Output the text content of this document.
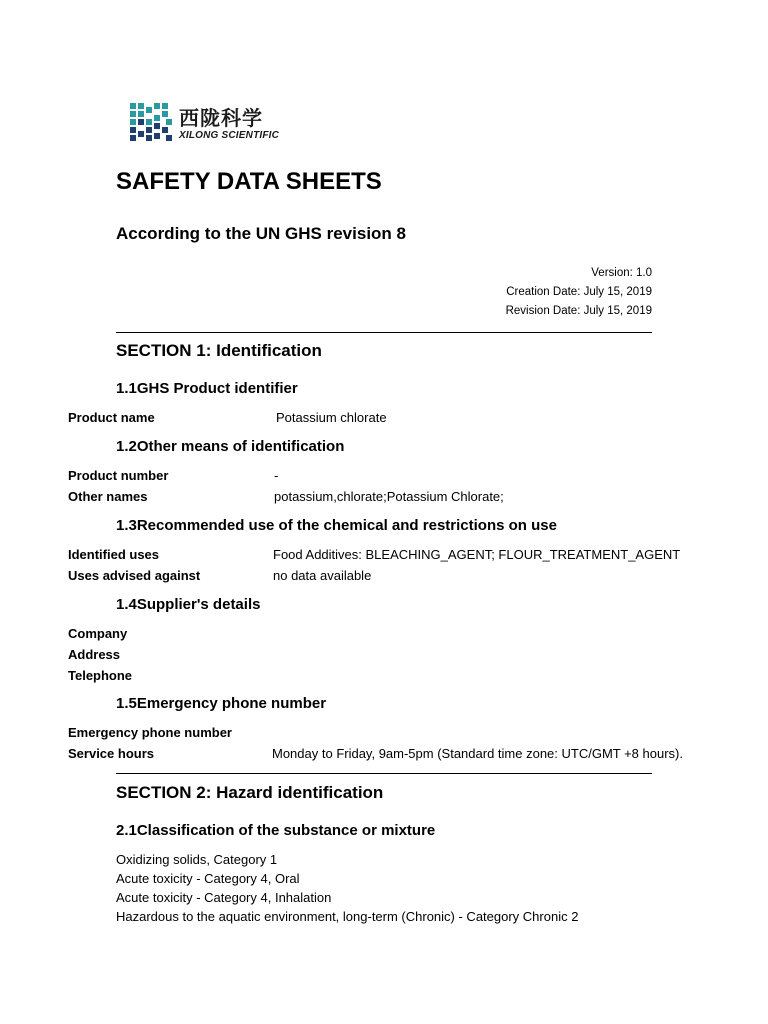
西陇科学
XILONG SCIENTIFIC
SAFETY DATA SHEETS
According to the UN GHS revision 8
Version: 1.0
Creation Date: July 15, 2019
Revision Date: July 15, 2019
SECTION 1: Identification
1.1GHS Product identifier
Product name	Potassium chlorate
1.2Other means of identification
Product number	-
Other names	potassium,chlorate;Potassium Chlorate;
1.3Recommended use of the chemical and restrictions on use
Identified uses	Food Additives: BLEACHING_AGENT; FLOUR_TREATMENT_AGENT
Uses advised against	no data available
1.4Supplier's details
Company
Address
Telephone
1.5Emergency phone number
Emergency phone number
Service hours	Monday to Friday, 9am-5pm (Standard time zone: UTC/GMT +8 hours).
SECTION 2: Hazard identification
2.1Classification of the substance or mixture
Oxidizing solids, Category 1
Acute toxicity - Category 4, Oral
Acute toxicity - Category 4, Inhalation
Hazardous to the aquatic environment, long-term (Chronic) - Category Chronic 2
